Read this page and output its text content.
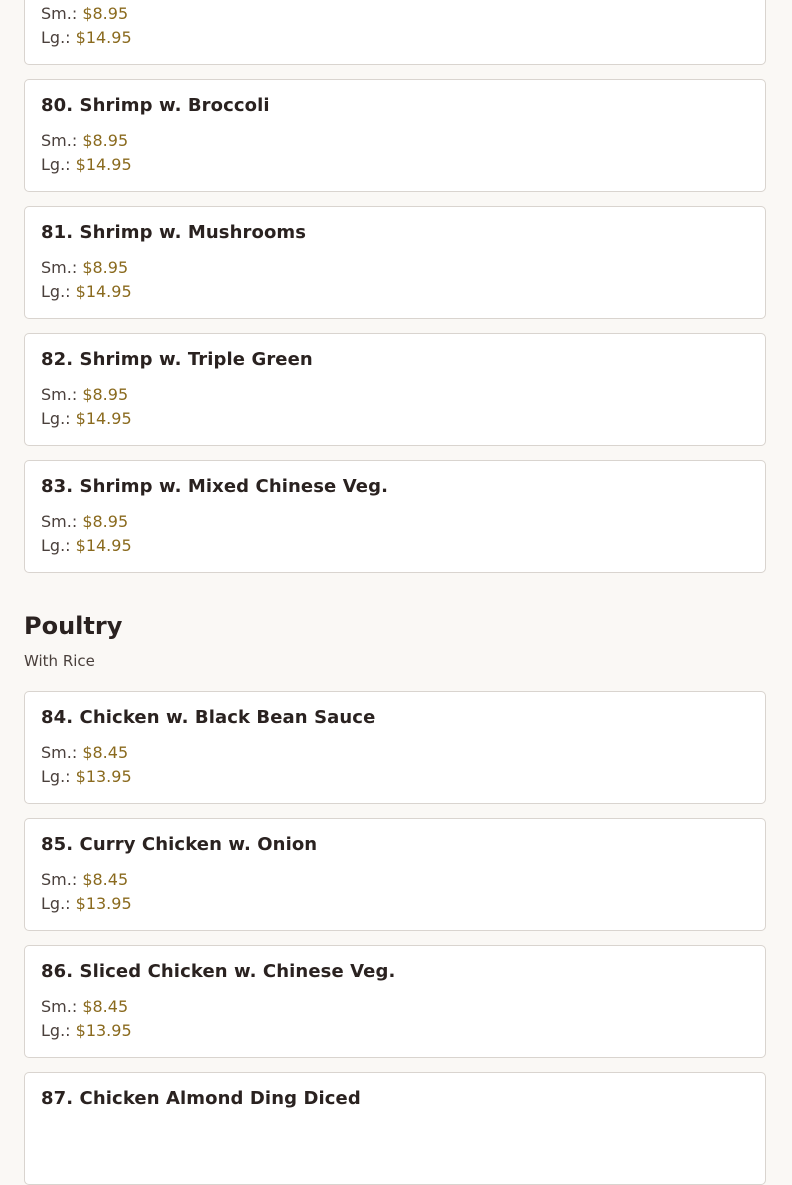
Sm.: $8.95
Lg.: $14.95
80. Shrimp w. Broccoli
Sm.: $8.95
Lg.: $14.95
81. Shrimp w. Mushrooms
Sm.: $8.95
Lg.: $14.95
82. Shrimp w. Triple Green
Sm.: $8.95
Lg.: $14.95
83. Shrimp w. Mixed Chinese Veg.
Sm.: $8.95
Lg.: $14.95
Poultry
With Rice
84. Chicken w. Black Bean Sauce
Sm.: $8.45
Lg.: $13.95
85. Curry Chicken w. Onion
Sm.: $8.45
Lg.: $13.95
86. Sliced Chicken w. Chinese Veg.
Sm.: $8.45
Lg.: $13.95
87. Chicken Almond Ding Diced
